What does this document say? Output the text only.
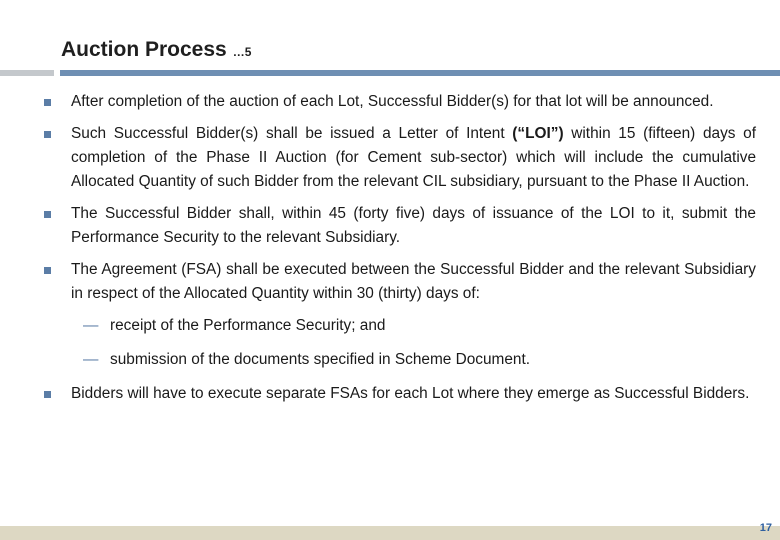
Auction Process …5
After completion of the auction of each Lot, Successful Bidder(s) for that lot will be announced.
Such Successful Bidder(s) shall be issued a Letter of Intent (“LOI”) within 15 (fifteen) days of completion of the Phase II Auction (for Cement sub-sector) which will include the cumulative Allocated Quantity of such Bidder from the relevant CIL subsidiary, pursuant to the Phase II Auction.
The Successful Bidder shall, within 45 (forty five) days of issuance of the LOI to it, submit the Performance Security to the relevant Subsidiary.
The Agreement (FSA) shall be executed between the Successful Bidder and the relevant Subsidiary in respect of the Allocated Quantity within 30 (thirty) days of:
— receipt of the Performance Security; and
— submission of the documents specified in Scheme Document.
Bidders will have to execute separate FSAs for each Lot where they emerge as Successful Bidders.
17
